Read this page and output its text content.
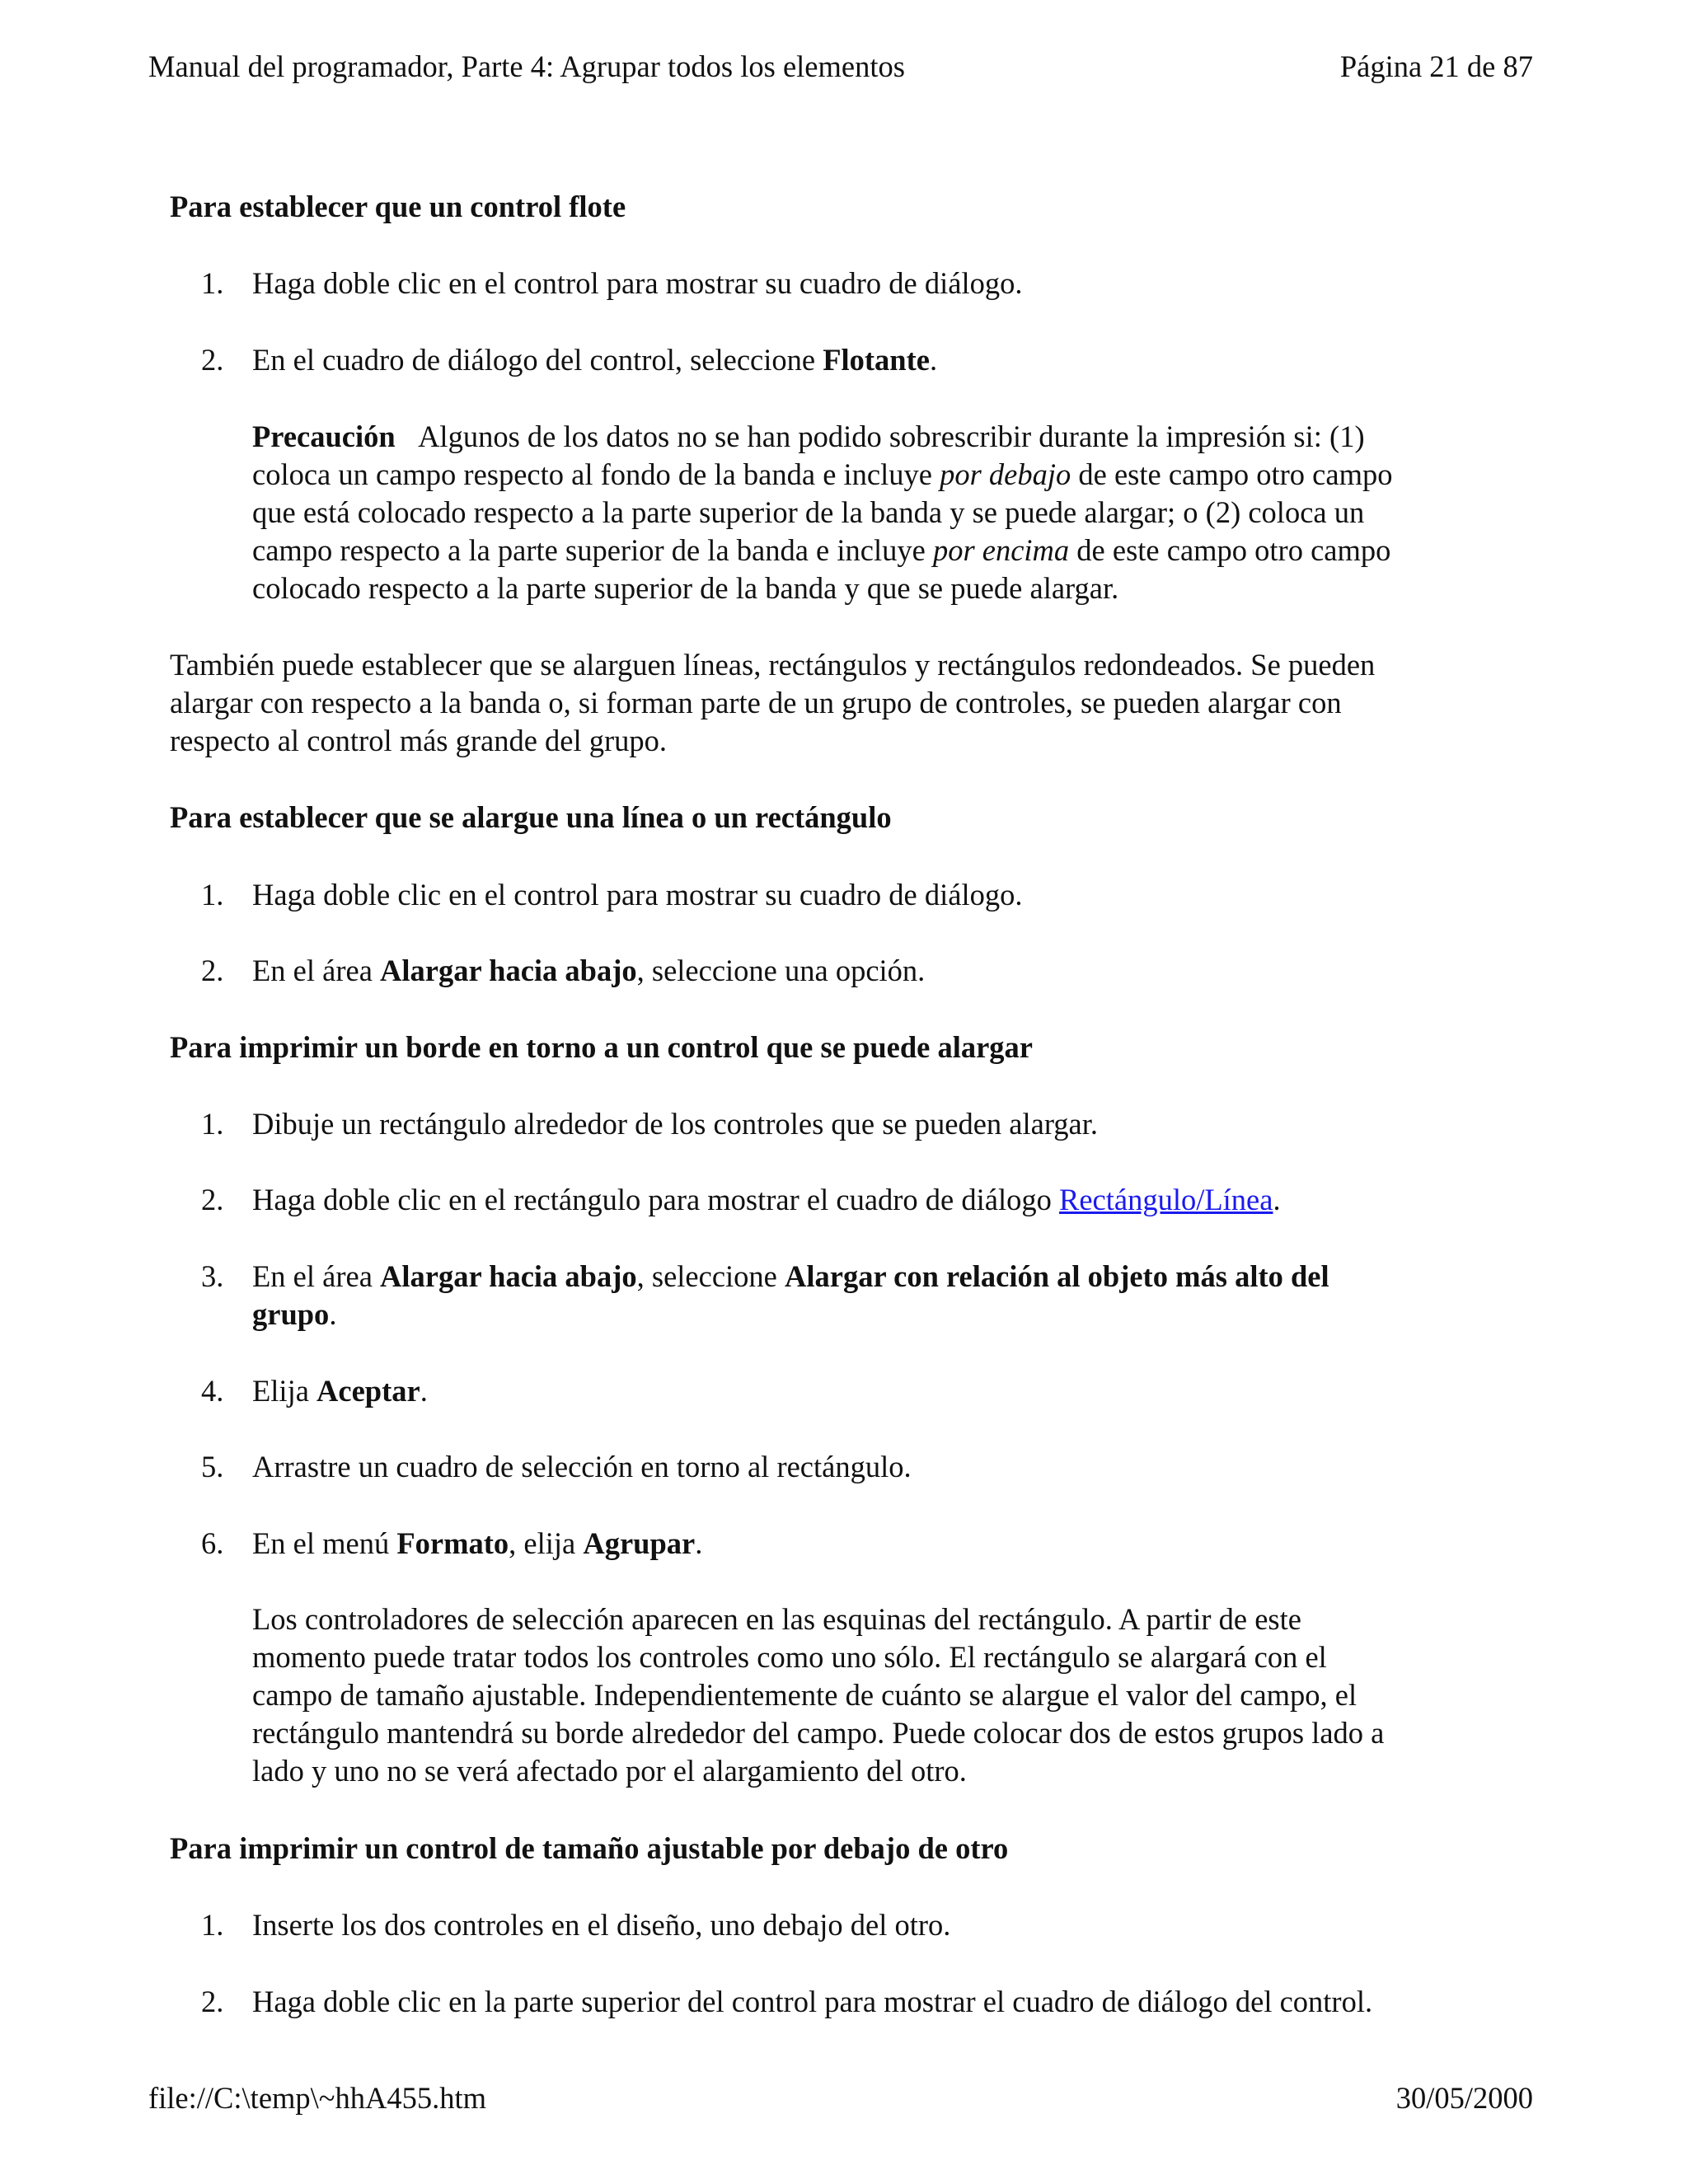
Manual del programador, Parte 4: Agrupar todos los elementos	Página 21 de 87
Para establecer que un control flote
1. Haga doble clic en el control para mostrar su cuadro de diálogo.
2. En el cuadro de diálogo del control, seleccione Flotante.
Precaución Algunos de los datos no se han podido sobrescribir durante la impresión si: (1)
coloca un campo respecto al fondo de la banda e incluye por debajo de este campo otro campo
que está colocado respecto a la parte superior de la banda y se puede alargar; o (2) coloca un
campo respecto a la parte superior de la banda e incluye por encima de este campo otro campo
colocado respecto a la parte superior de la banda y que se puede alargar.
También puede establecer que se alarguen líneas, rectángulos y rectángulos redondeados. Se pueden
alargar con respecto a la banda o, si forman parte de un grupo de controles, se pueden alargar con
respecto al control más grande del grupo.
Para establecer que se alargue una línea o un rectángulo
1. Haga doble clic en el control para mostrar su cuadro de diálogo.
2. En el área Alargar hacia abajo, seleccione una opción.
Para imprimir un borde en torno a un control que se puede alargar
1. Dibuje un rectángulo alrededor de los controles que se pueden alargar.
2. Haga doble clic en el rectángulo para mostrar el cuadro de diálogo Rectángulo/Línea.
3. En el área Alargar hacia abajo, seleccione Alargar con relación al objeto más alto del
grupo.
4. Elija Aceptar.
5. Arrastre un cuadro de selección en torno al rectángulo.
6. En el menú Formato, elija Agrupar.
Los controladores de selección aparecen en las esquinas del rectángulo. A partir de este
momento puede tratar todos los controles como uno sólo. El rectángulo se alargará con el
campo de tamaño ajustable. Independientemente de cuánto se alargue el valor del campo, el
rectángulo mantendrá su borde alrededor del campo. Puede colocar dos de estos grupos lado a
lado y uno no se verá afectado por el alargamiento del otro.
Para imprimir un control de tamaño ajustable por debajo de otro
1. Inserte los dos controles en el diseño, uno debajo del otro.
2. Haga doble clic en la parte superior del control para mostrar el cuadro de diálogo del control.
file://C:\temp\~hhA455.htm	30/05/2000
